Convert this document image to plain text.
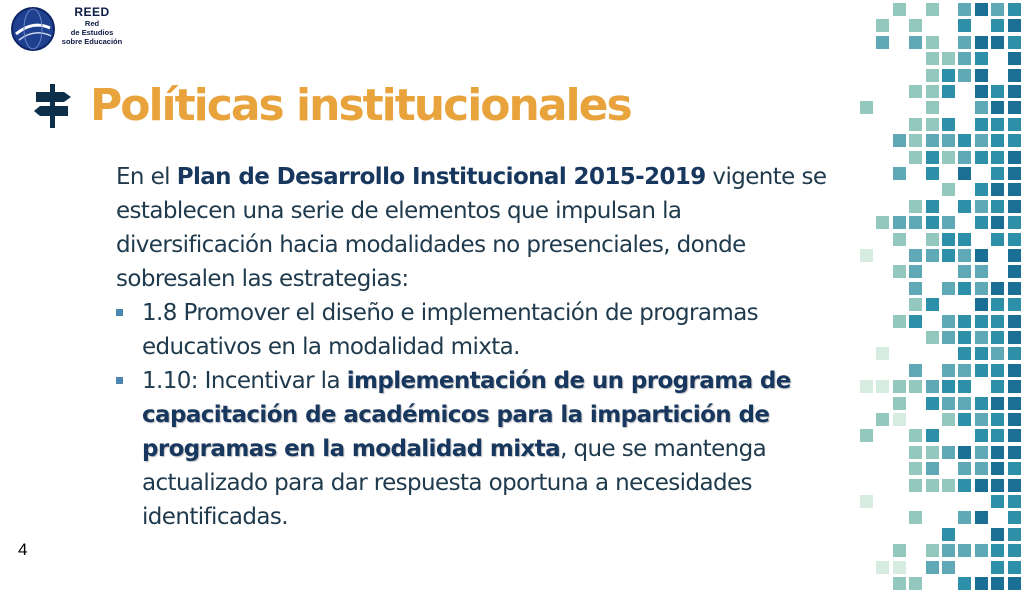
REED
Red
de Estudios
sobre Educación
Políticas institucionales

En el Plan de Desarrollo Institucional 2015-2019 vigente se establecen una serie de elementos que impulsan la diversificación hacia modalidades no presenciales, donde sobresalen las estrategias:

1.8 Promover el diseño e implementación de programas educativos en la modalidad mixta.
1.10: Incentivar la implementación de un programa de capacitación de académicos para la impartición de programas en la modalidad mixta, que se mantenga actualizado para dar respuesta oportuna a necesidades identificadas.
4
